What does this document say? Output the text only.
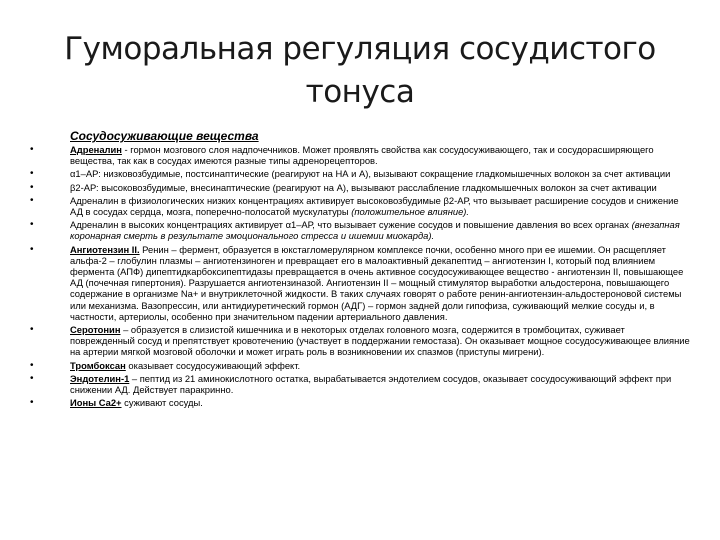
Гуморальная регуляция сосудистого тонуса
Сосудосуживающие вещества
• Адреналин - гормон мозгового слоя надпочечников. Может проявлять свойства как сосудосуживающего, так и сосудорасширяющего вещества, так как в сосудах имеются разные типы адренорецепторов.
• α1–АР: низковозбудимые, постсинаптические (реагируют на НА и А), вызывают сокращение гладкомышечных волокон за счет активации
• β2-АР: высоковозбудимые, внесинаптические (реагируют на А), вызывают расслабление гладкомышечных волокон за счет активации
• Адреналин в физиологических низких концентрациях активирует высоковозбудимые β2-АР, что вызывает расширение сосудов и снижение АД в сосудах сердца, мозга, поперечно-полосатой мускулатуры (положительное влияние).
• Адреналин в высоких концентрациях активирует α1–АР, что вызывает сужение сосудов и повышение давления во всех органах (внезапная коронарная смерть в результате эмоционального стресса и ишемии миокарда).
• Ангиотензин II. Ренин – фермент, образуется в юкстагломерулярном комплексе почки, особенно много при ее ишемии. Он расщепляет альфа-2 – глобулин плазмы – ангиотензиноген и превращает его в малоактивный декапептид – ангиотензин I, который под влиянием фермента (АПФ) дипептидкарбоксипептидазы превращается в очень активное сосудосуживающее вещество - ангиотензин II, повышающее АД (почечная гипертония). Разрушается ангиотензиназой. Ангиотензин II – мощный стимулятор выработки альдостерона, повышающего содержание в организме Na+ и внутриклеточной жидкости. В таких случаях говорят о работе ренин-ангиотензин-альдостероновой системы или механизма. Вазопрессин, или антидиуретический гормон (АДГ) – гормон задней доли гипофиза, суживающий мелкие сосуды и, в частности, артериолы, особенно при значительном падении артериального давления.
• Серотонин – образуется в слизистой кишечника и в некоторых отделах головного мозга, содержится в тромбоцитах, суживает поврежденный сосуд и препятствует кровотечению (участвует в поддержании гемостаза). Он оказывает мощное сосудосуживающее влияние на артерии мягкой мозговой оболочки и может играть роль в возникновении их спазмов (приступы мигрени).
• Тромбоксан оказывает сосудосуживающий эффект.
• Эндотелин-1 – пептид из 21 аминокислотного остатка, вырабатывается эндотелием сосудов, оказывает сосудосуживающий эффект при снижении АД. Действует паракринно.
• Ионы Са2+ суживают сосуды.
